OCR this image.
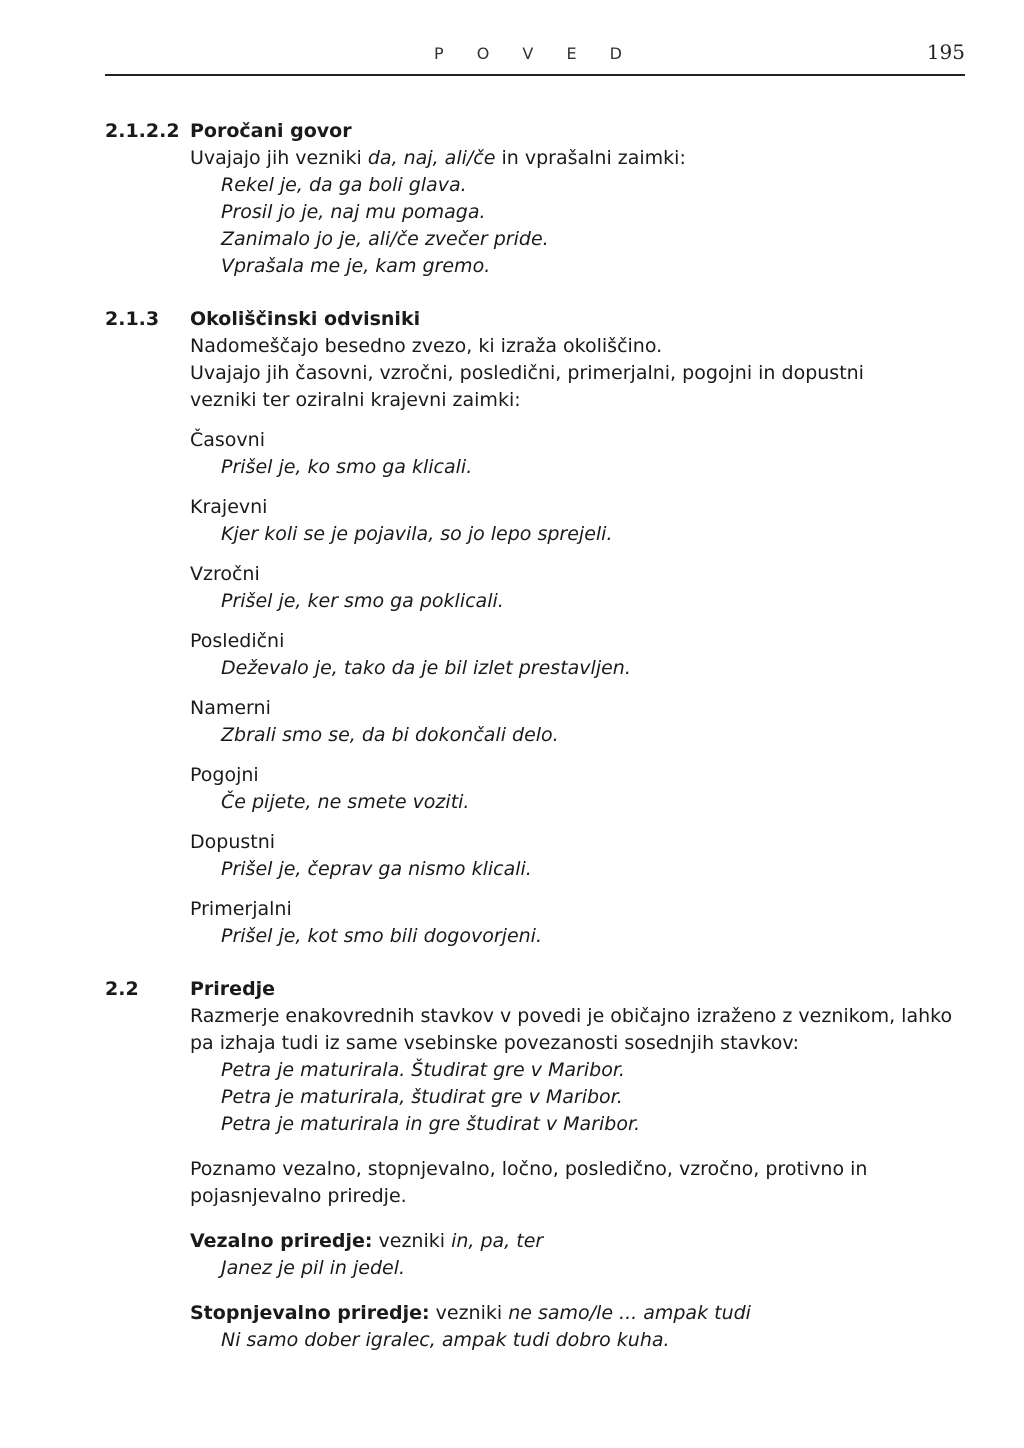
P O V E D	195
2.1.2.2 Poročani govor
Uvajajo jih vezniki da, naj, ali/če in vprašalni zaimki:
Rekel je, da ga boli glava.
Prosil jo je, naj mu pomaga.
Zanimalo jo je, ali/če zvečer pride.
Vprašala me je, kam gremo.
2.1.3 Okoliščinski odvisniki
Nadomeščajo besedno zvezo, ki izraža okoliščino.
Uvajajo jih časovni, vzročni, posledični, primerjalni, pogojni in dopustni
vezniki ter oziralni krajevni zaimki:
Časovni
Prišel je, ko smo ga klicali.
Krajevni
Kjer koli se je pojavila, so jo lepo sprejeli.
Vzročni
Prišel je, ker smo ga poklicali.
Posledični
Deževalo je, tako da je bil izlet prestavljen.
Namerni
Zbrali smo se, da bi dokončali delo.
Pogojni
Če pijete, ne smete voziti.
Dopustni
Prišel je, čeprav ga nismo klicali.
Primerjalni
Prišel je, kot smo bili dogovorjeni.
2.2	Priredje
Razmerje enakovrednih stavkov v povedi je običajno izraženo z veznikom, lahko
pa izhaja tudi iz same vsebinske povezanosti sosednjih stavkov:
Petra je maturirala. Študirat gre v Maribor.
Petra je maturirala, študirat gre v Maribor.
Petra je maturirala in gre študirat v Maribor.
Poznamo vezalno, stopnjevalno, ločno, posledično, vzročno, protivno in
pojasnjevalno priredje.
Vezalno priredje: vezniki in, pa, ter
Janez je pil in jedel.
Stopnjevalno priredje: vezniki ne samo/le ... ampak tudi
Ni samo dober igralec, ampak tudi dobro kuha.
